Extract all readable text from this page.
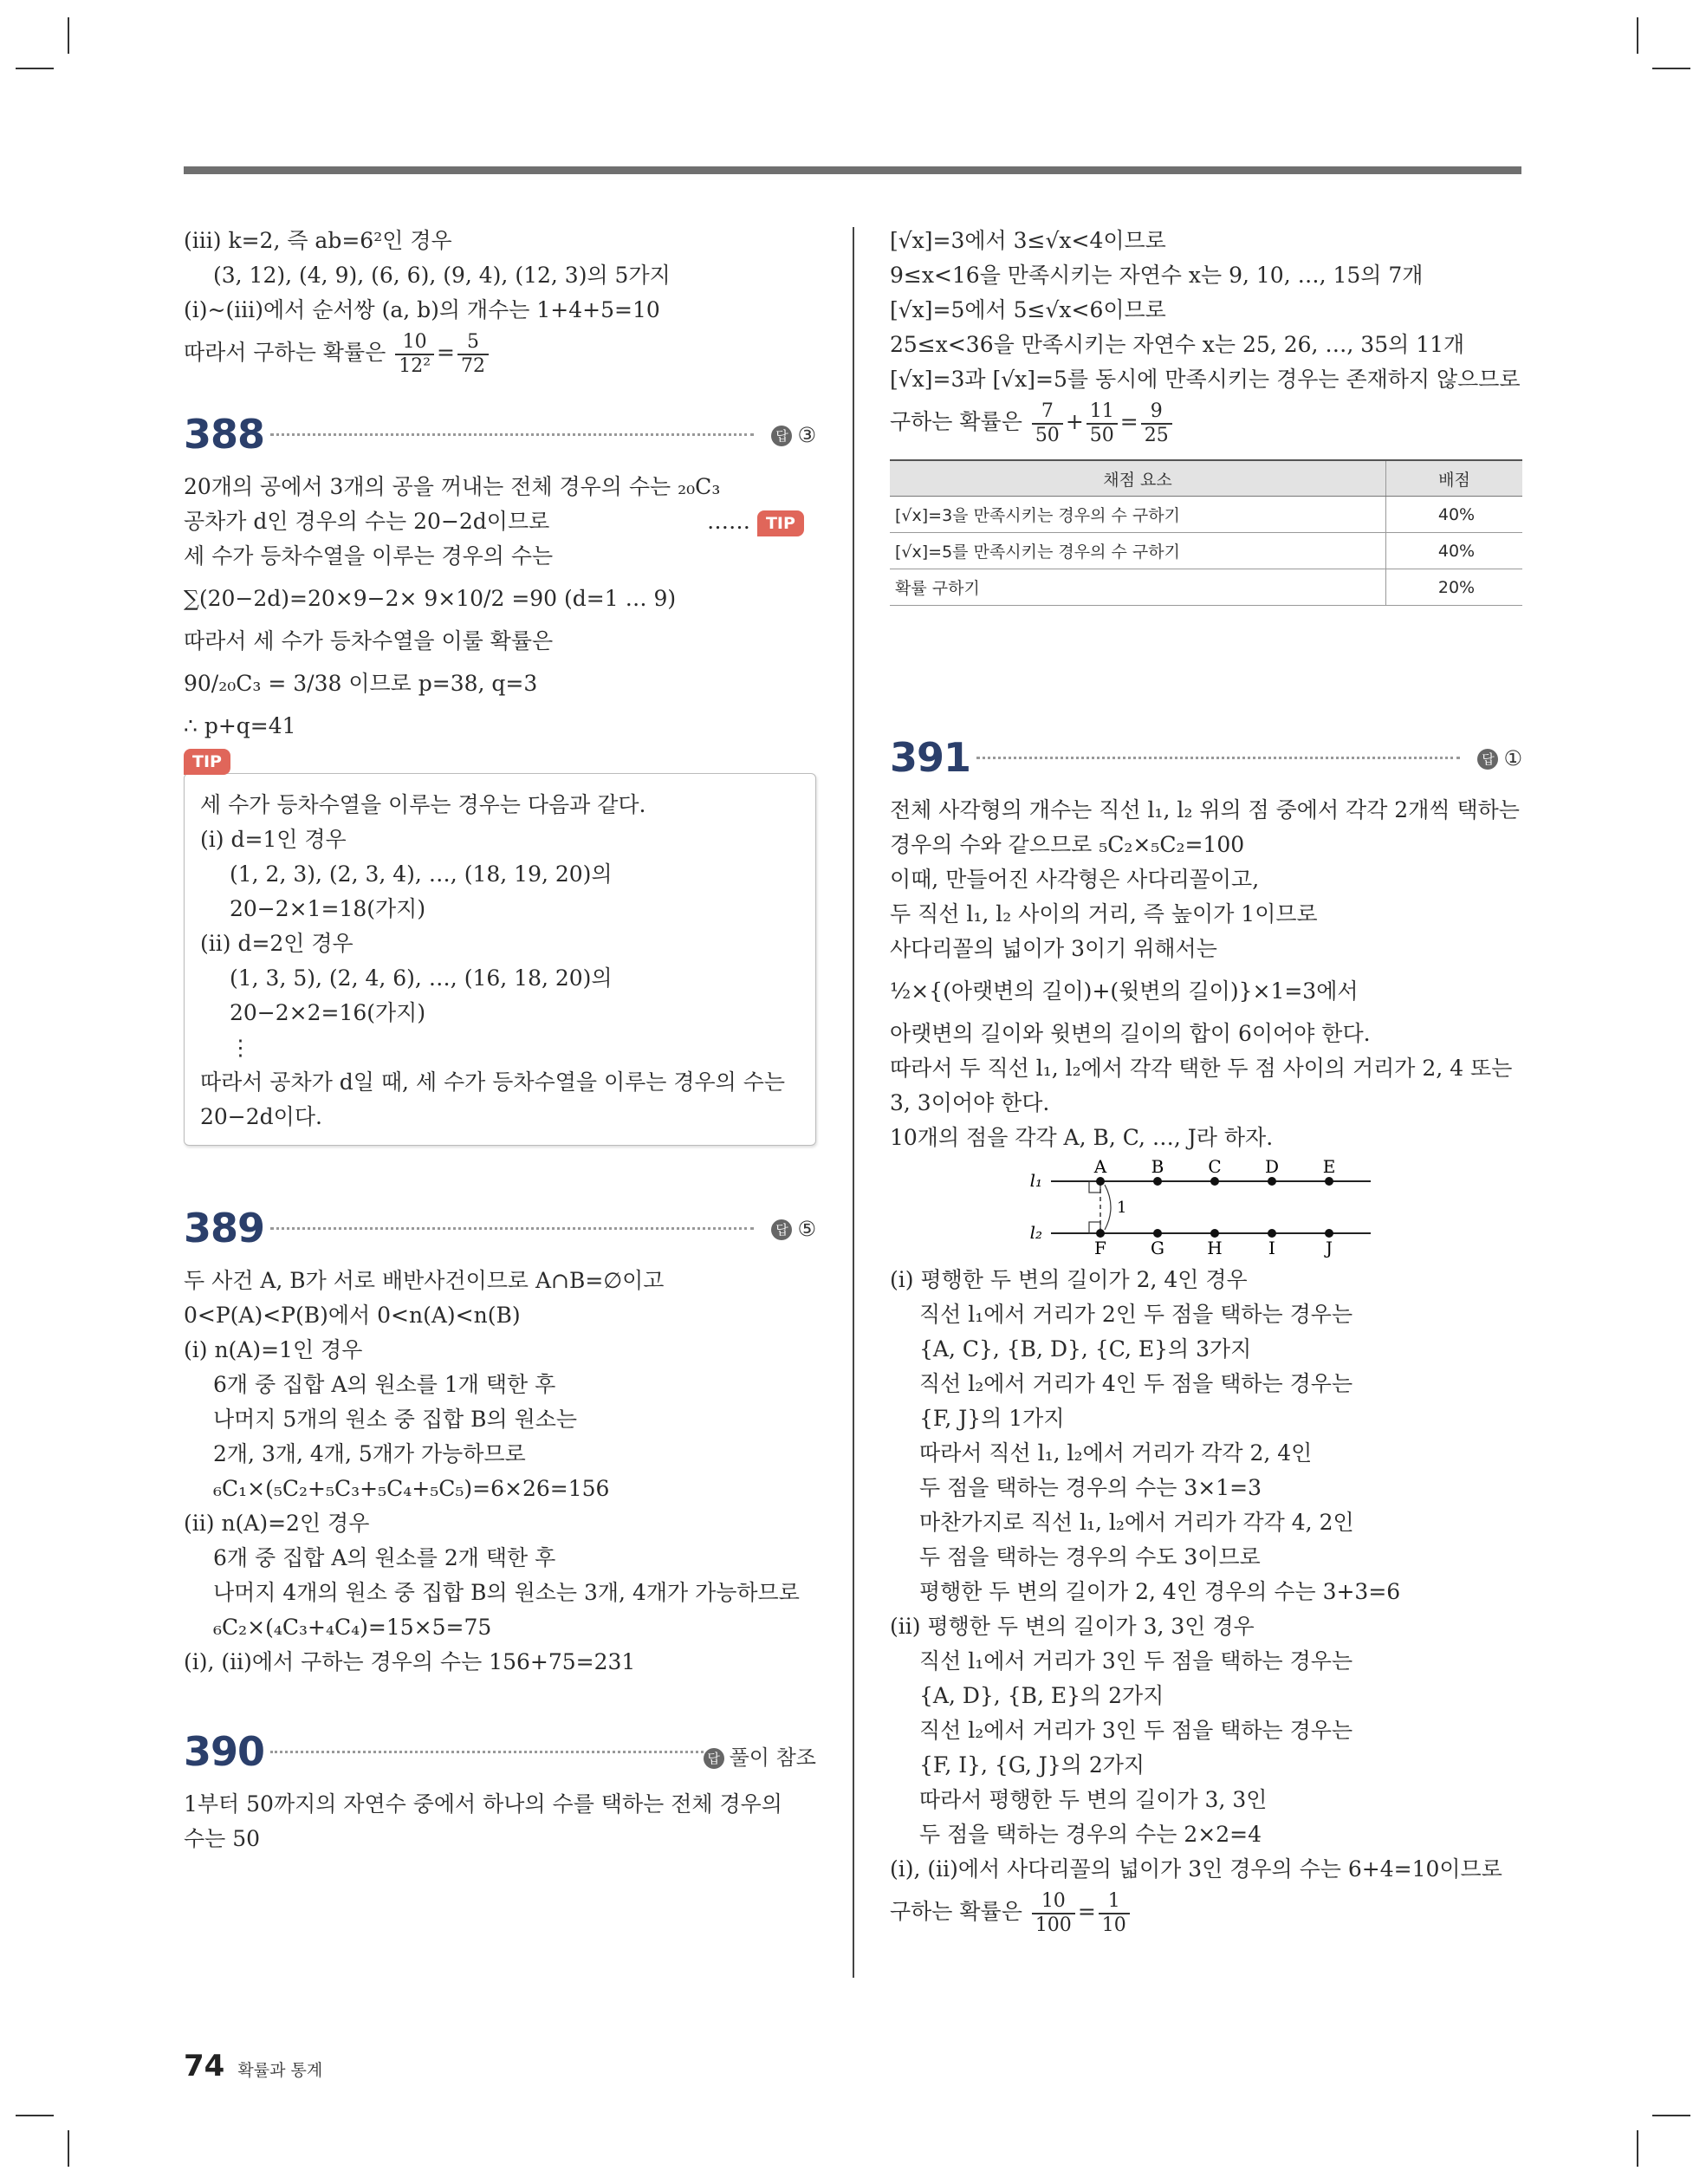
(iii) k=2, 즉 ab=6²인 경우
(3, 12), (4, 9), (6, 6), (9, 4), (12, 3)의 5가지
(i)~(iii)에서 순서쌍 (a, b)의 개수는 1+4+5=10
따라서 구하는 확률은 $\frac{10}{\text{12²}} = \frac{5}{72}$
388	답 ③
20개의 공에서 3개의 공을 꺼내는 전체 경우의 수는 ₂₀C₃
공차가 d인 경우의 수는 20−2d이므로	…… TIP
세 수가 등차수열을 이루는 경우의 수는
∑(20−2d)=20×9−2× 9×10/2 =90 (d=1 … 9)
따라서 세 수가 등차수열을 이룰 확률은
90/₂₀C₃ = 3/38 이므로 p=38, q=3
∴ p+q=41
TIP
세 수가 등차수열을 이루는 경우는 다음과 같다.
(i) d=1인 경우
(1, 2, 3), (2, 3, 4), …, (18, 19, 20)의
20−2×1=18(가지)
(ii) d=2인 경우
(1, 3, 5), (2, 4, 6), …, (16, 18, 20)의
20−2×2=16(가지)
⋮
따라서 공차가 d일 때, 세 수가 등차수열을 이루는 경우의 수는
20−2d이다.
389	답 ⑤
두 사건 A, B가 서로 배반사건이므로 A∩B=∅이고
0<P(A)<P(B)에서 0<n(A)<n(B)
(i) n(A)=1인 경우
6개 중 집합 A의 원소를 1개 택한 후
나머지 5개의 원소 중 집합 B의 원소는
2개, 3개, 4개, 5개가 가능하므로
₆C₁×(₅C₂+₅C₃+₅C₄+₅C₅)=6×26=156
(ii) n(A)=2인 경우
6개 중 집합 A의 원소를 2개 택한 후
나머지 4개의 원소 중 집합 B의 원소는 3개, 4개가 가능하므로
₆C₂×(₄C₃+₄C₄)=15×5=75
(i), (ii)에서 구하는 경우의 수는 156+75=231
390	답 풀이 참조
1부터 50까지의 자연수 중에서 하나의 수를 택하는 전체 경우의
수는 50
[√x]=3에서 3≤√x<4이므로
9≤x<16을 만족시키는 자연수 x는 9, 10, …, 15의 7개
[√x]=5에서 5≤√x<6이므로
25≤x<36을 만족시키는 자연수 x는 25, 26, …, 35의 11개
[√x]=3과 [√x]=5를 동시에 만족시키는 경우는 존재하지 않으므로
구하는 확률은 $\frac{7}{50} + \frac{11}{50} = \frac{9}{25}$
채점 요소	배점
[√x]=3을 만족시키는 경우의 수 구하기	40%
[√x]=5를 만족시키는 경우의 수 구하기	40%
확률 구하기	20%
391	답 ①
전체 사각형의 개수는 직선 l₁, l₂ 위의 점 중에서 각각 2개씩 택하는
경우의 수와 같으므로 ₅C₂×₅C₂=100
이때, 만들어진 사각형은 사다리꼴이고,
두 직선 l₁, l₂ 사이의 거리, 즉 높이가 1이므로
사다리꼴의 넓이가 3이기 위해서는
½×{(아랫변의 길이)+(윗변의 길이)}×1=3에서
아랫변의 길이와 윗변의 길이의 합이 6이어야 한다.
따라서 두 직선 l₁, l₂에서 각각 택한 두 점 사이의 거리가 2, 4 또는
3, 3이어야 한다.
10개의 점을 각각 A, B, C, …, J라 하자.
l₁
l₂
1
A	B	C	D	E
F	G H	I	J
(i) 평행한 두 변의 길이가 2, 4인 경우
직선 l₁에서 거리가 2인 두 점을 택하는 경우는
{A, C}, {B, D}, {C, E}의 3가지
직선 l₂에서 거리가 4인 두 점을 택하는 경우는
{F, J}의 1가지
따라서 직선 l₁, l₂에서 거리가 각각 2, 4인
두 점을 택하는 경우의 수는 3×1=3
마찬가지로 직선 l₁, l₂에서 거리가 각각 4, 2인
두 점을 택하는 경우의 수도 3이므로
평행한 두 변의 길이가 2, 4인 경우의 수는 3+3=6
(ii) 평행한 두 변의 길이가 3, 3인 경우
직선 l₁에서 거리가 3인 두 점을 택하는 경우는
{A, D}, {B, E}의 2가지
직선 l₂에서 거리가 3인 두 점을 택하는 경우는
{F, I}, {G, J}의 2가지
따라서 평행한 두 변의 길이가 3, 3인
두 점을 택하는 경우의 수는 2×2=4
(i), (ii)에서 사다리꼴의 넓이가 3인 경우의 수는 6+4=10이므로
구하는 확률은 $\frac{10}{100} = \frac{1}{10}$
74 확률과 통계
